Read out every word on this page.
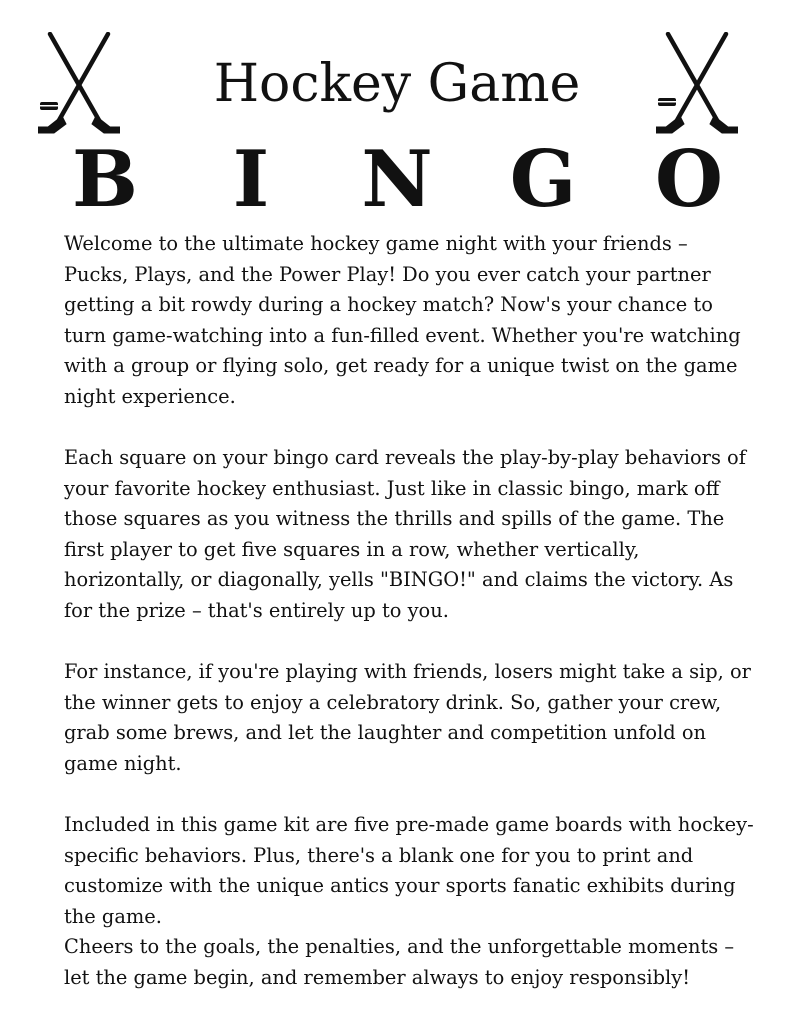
Hockey Game
B	I	N G O

Welcome to the ultimate hockey game night with your friends – Pucks, Plays, and the Power Play! Do you ever catch your partner getting a bit rowdy during a hockey match? Now's your chance to turn game-watching into a fun-filled event. Whether you're watching with a group or flying solo, get ready for a unique twist on the game night experience.

Each square on your bingo card reveals the play-by-play behaviors of your favorite hockey enthusiast. Just like in classic bingo, mark off those squares as you witness the thrills and spills of the game. The first player to get five squares in a row, whether vertically, horizontally, or diagonally, yells "BINGO!" and claims the victory. As for the prize – that's entirely up to you.

For instance, if you're playing with friends, losers might take a sip, or the winner gets to enjoy a celebratory drink. So, gather your crew, grab some brews, and let the laughter and competition unfold on game night.

Included in this game kit are five pre-made game boards with hockey-specific behaviors. Plus, there's a blank one for you to print and customize with the unique antics your sports fanatic exhibits during the game.

Cheers to the goals, the penalties, and the unforgettable moments – let the game begin, and remember always to enjoy responsibly!
